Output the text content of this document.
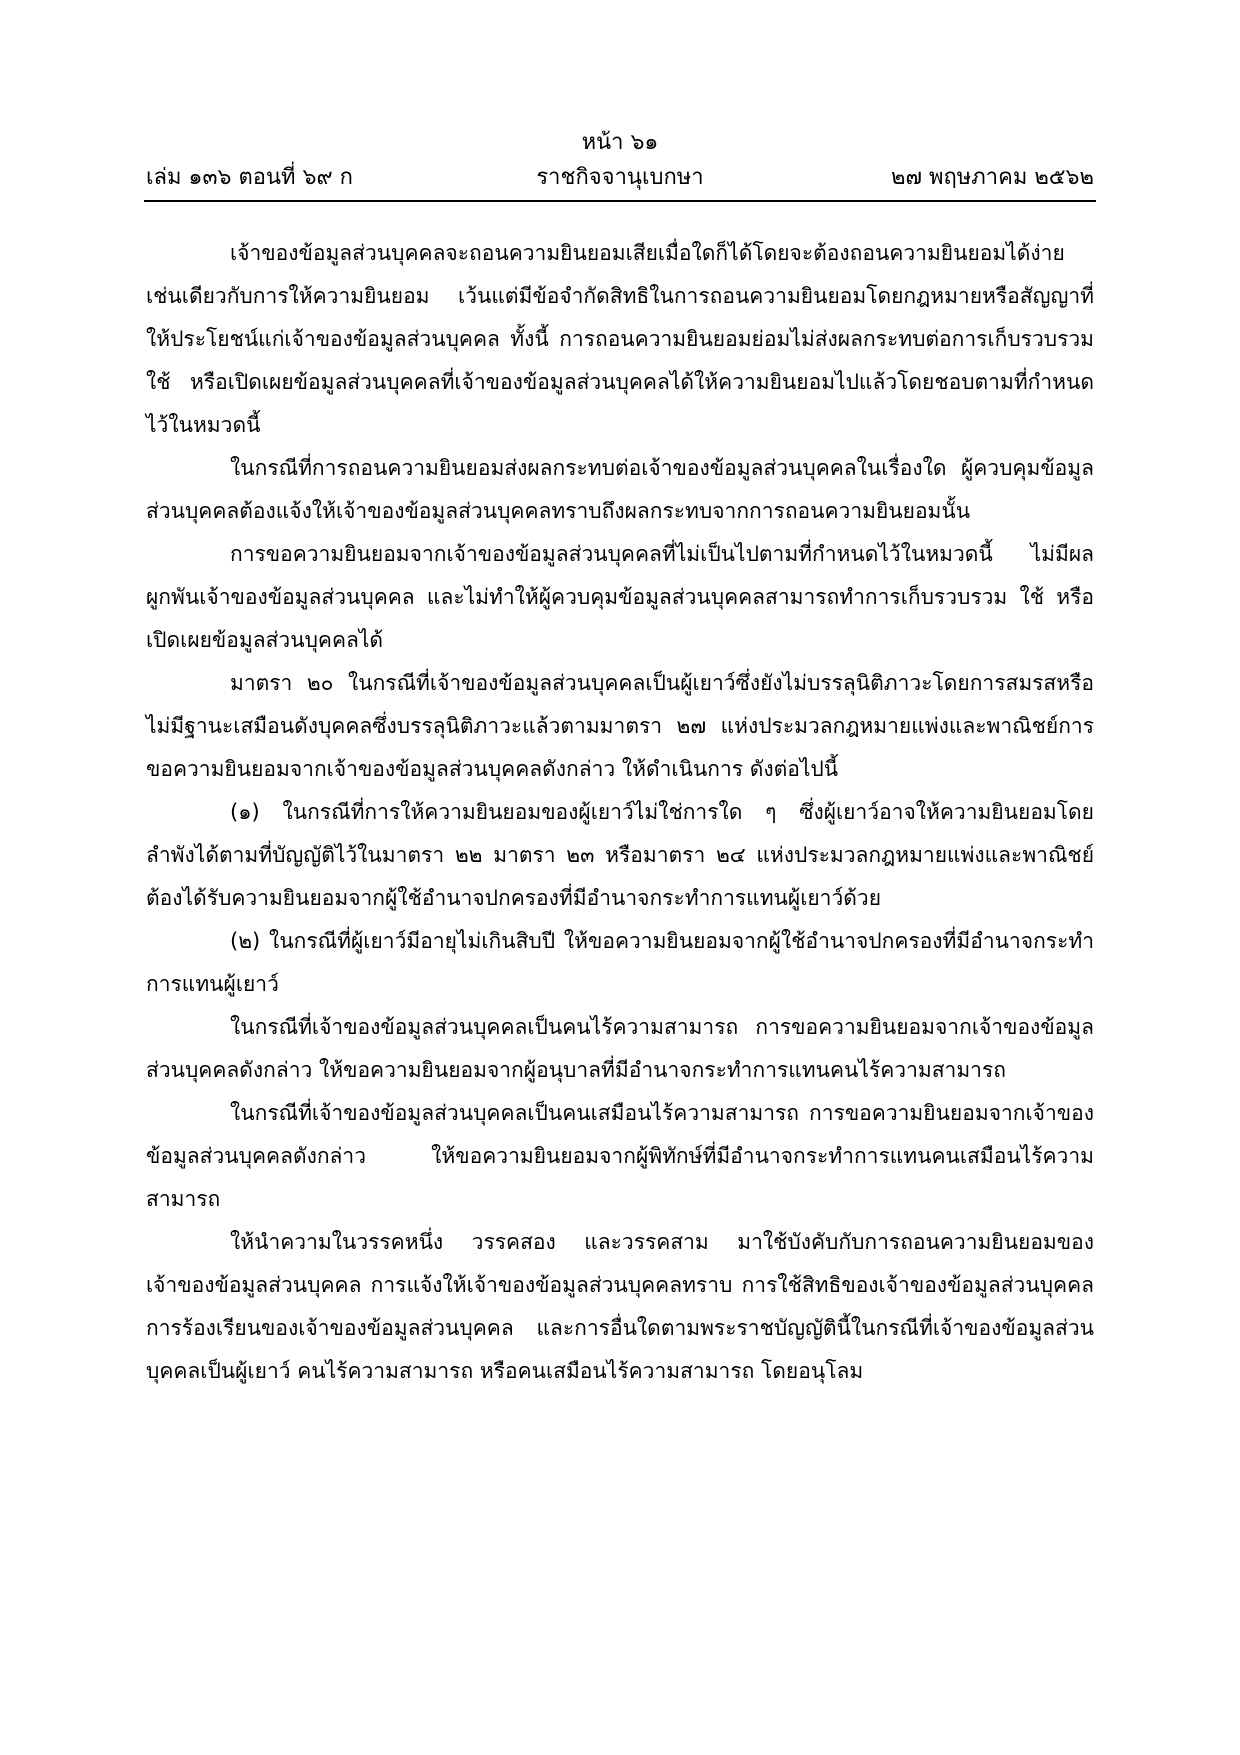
หน้า ๖๑
ราชกิจจานุเบกษา
เล่ม ๑๓๖ ตอนที่ ๖๙ ก	๒๗ พฤษภาคม ๒๕๖๒

เจ้าของข้อมูลส่วนบุคคลจะถอนความยินยอมเสียเมื่อใดก็ได้โดยจะต้องถอนความยินยอมได้ง่ายเช่นเดียวกับการให้ความยินยอม เว้นแต่มีข้อจำกัดสิทธิในการถอนความยินยอมโดยกฎหมายหรือสัญญาที่ให้ประโยชน์แก่เจ้าของข้อมูลส่วนบุคคล ทั้งนี้ การถอนความยินยอมย่อมไม่ส่งผลกระทบต่อการเก็บรวบรวม ใช้ หรือเปิดเผยข้อมูลส่วนบุคคลที่เจ้าของข้อมูลส่วนบุคคลได้ให้ความยินยอมไปแล้วโดยชอบตามที่กำหนดไว้ในหมวดนี้

ในกรณีที่การถอนความยินยอมส่งผลกระทบต่อเจ้าของข้อมูลส่วนบุคคลในเรื่องใด ผู้ควบคุมข้อมูลส่วนบุคคลต้องแจ้งให้เจ้าของข้อมูลส่วนบุคคลทราบถึงผลกระทบจากการถอนความยินยอมนั้น

การขอความยินยอมจากเจ้าของข้อมูลส่วนบุคคลที่ไม่เป็นไปตามที่กำหนดไว้ในหมวดนี้ ไม่มีผลผูกพันเจ้าของข้อมูลส่วนบุคคล และไม่ทำให้ผู้ควบคุมข้อมูลส่วนบุคคลสามารถทำการเก็บรวบรวม ใช้ หรือเปิดเผยข้อมูลส่วนบุคคลได้

มาตรา ๒๐ ในกรณีที่เจ้าของข้อมูลส่วนบุคคลเป็นผู้เยาว์ซึ่งยังไม่บรรลุนิติภาวะโดยการสมรสหรือไม่มีฐานะเสมือนดังบุคคลซึ่งบรรลุนิติภาวะแล้วตามมาตรา ๒๗ แห่งประมวลกฎหมายแพ่งและพาณิชย์การขอความยินยอมจากเจ้าของข้อมูลส่วนบุคคลดังกล่าว ให้ดำเนินการ ดังต่อไปนี้

(๑) ในกรณีที่การให้ความยินยอมของผู้เยาว์ไม่ใช่การใด ๆ ซึ่งผู้เยาว์อาจให้ความยินยอมโดยลำพังได้ตามที่บัญญัติไว้ในมาตรา ๒๒ มาตรา ๒๓ หรือมาตรา ๒๔ แห่งประมวลกฎหมายแพ่งและพาณิชย์ ต้องได้รับความยินยอมจากผู้ใช้อำนาจปกครองที่มีอำนาจกระทำการแทนผู้เยาว์ด้วย

(๒) ในกรณีที่ผู้เยาว์มีอายุไม่เกินสิบปี ให้ขอความยินยอมจากผู้ใช้อำนาจปกครองที่มีอำนาจกระทำการแทนผู้เยาว์

ในกรณีที่เจ้าของข้อมูลส่วนบุคคลเป็นคนไร้ความสามารถ การขอความยินยอมจากเจ้าของข้อมูลส่วนบุคคลดังกล่าว ให้ขอความยินยอมจากผู้อนุบาลที่มีอำนาจกระทำการแทนคนไร้ความสามารถ

ในกรณีที่เจ้าของข้อมูลส่วนบุคคลเป็นคนเสมือนไร้ความสามารถ การขอความยินยอมจากเจ้าของข้อมูลส่วนบุคคลดังกล่าว ให้ขอความยินยอมจากผู้พิทักษ์ที่มีอำนาจกระทำการแทนคนเสมือนไร้ความสามารถ

ให้นำความในวรรคหนึ่ง วรรคสอง และวรรคสาม มาใช้บังคับกับการถอนความยินยอมของเจ้าของข้อมูลส่วนบุคคล การแจ้งให้เจ้าของข้อมูลส่วนบุคคลทราบ การใช้สิทธิของเจ้าของข้อมูลส่วนบุคคล การร้องเรียนของเจ้าของข้อมูลส่วนบุคคล และการอื่นใดตามพระราชบัญญัตินี้ในกรณีที่เจ้าของข้อมูลส่วนบุคคลเป็นผู้เยาว์ คนไร้ความสามารถ หรือคนเสมือนไร้ความสามารถ โดยอนุโลม
